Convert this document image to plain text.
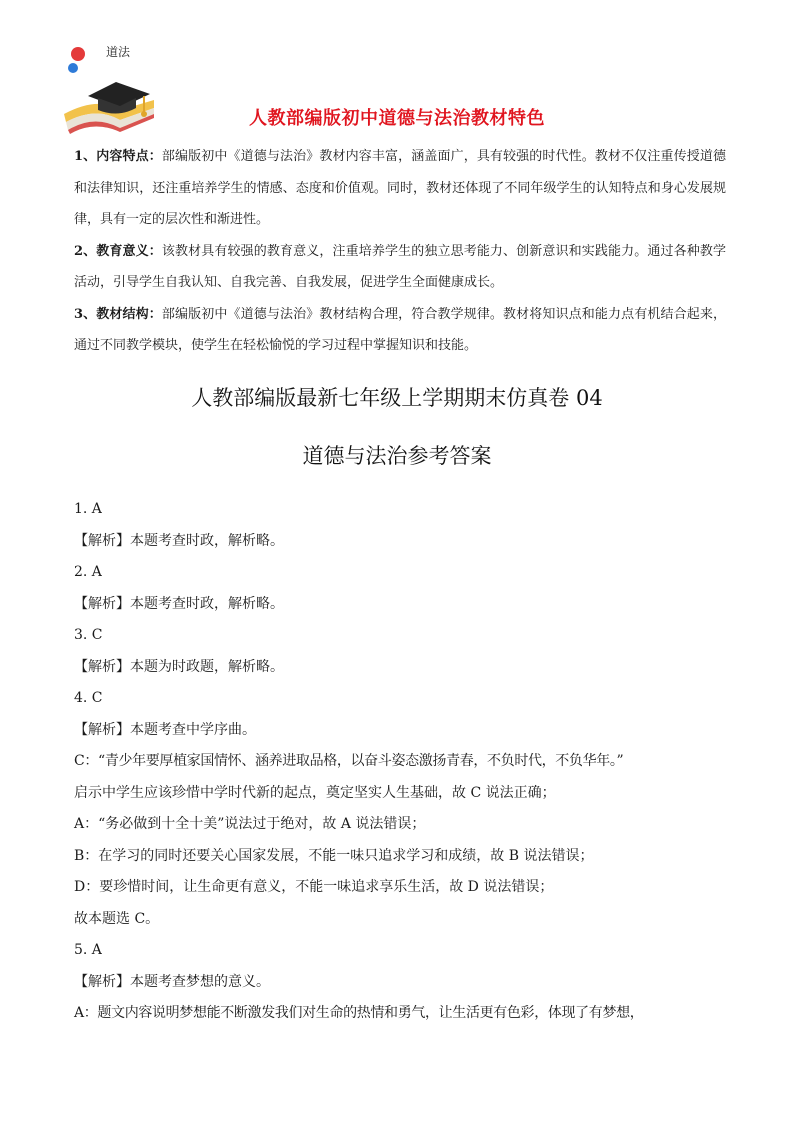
道法
人教部编版初中道德与法治教材特色

1、内容特点：部编版初中《道德与法治》教材内容丰富，涵盖面广，具有较强的时代性。教材不仅注重传授道德和法律知识，还注重培养学生的情感、态度和价值观。同时，教材还体现了不同年级学生的认知特点和身心发展规律，具有一定的层次性和渐进性。

2、教育意义：该教材具有较强的教育意义，注重培养学生的独立思考能力、创新意识和实践能力。通过各种教学活动，引导学生自我认知、自我完善、自我发展，促进学生全面健康成长。

3、教材结构：部编版初中《道德与法治》教材结构合理，符合教学规律。教材将知识点和能力点有机结合起来，通过不同教学模块，使学生在轻松愉悦的学习过程中掌握知识和技能。

人教部编版最新七年级上学期期末仿真卷 04
道德与法治参考答案

1. A

【解析】本题考查时政，解析略。

2. A

【解析】本题考查时政，解析略。

3. C

【解析】本题为时政题，解析略。

4. C

【解析】本题考查中学序曲。

C：“青少年要厚植家国情怀、涵养进取品格，以奋斗姿态激扬青春，不负时代，不负华年。”

启示中学生应该珍惜中学时代新的起点，奠定坚实人生基础，故 C 说法正确；

A：“务必做到十全十美”说法过于绝对，故 A 说法错误；

B：在学习的同时还要关心国家发展，不能一味只追求学习和成绩，故 B 说法错误；

D：要珍惜时间，让生命更有意义，不能一味追求享乐生活，故 D 说法错误；

故本题选 C。

5. A

【解析】本题考查梦想的意义。

A：题文内容说明梦想能不断激发我们对生命的热情和勇气，让生活更有色彩，体现了有梦想，
